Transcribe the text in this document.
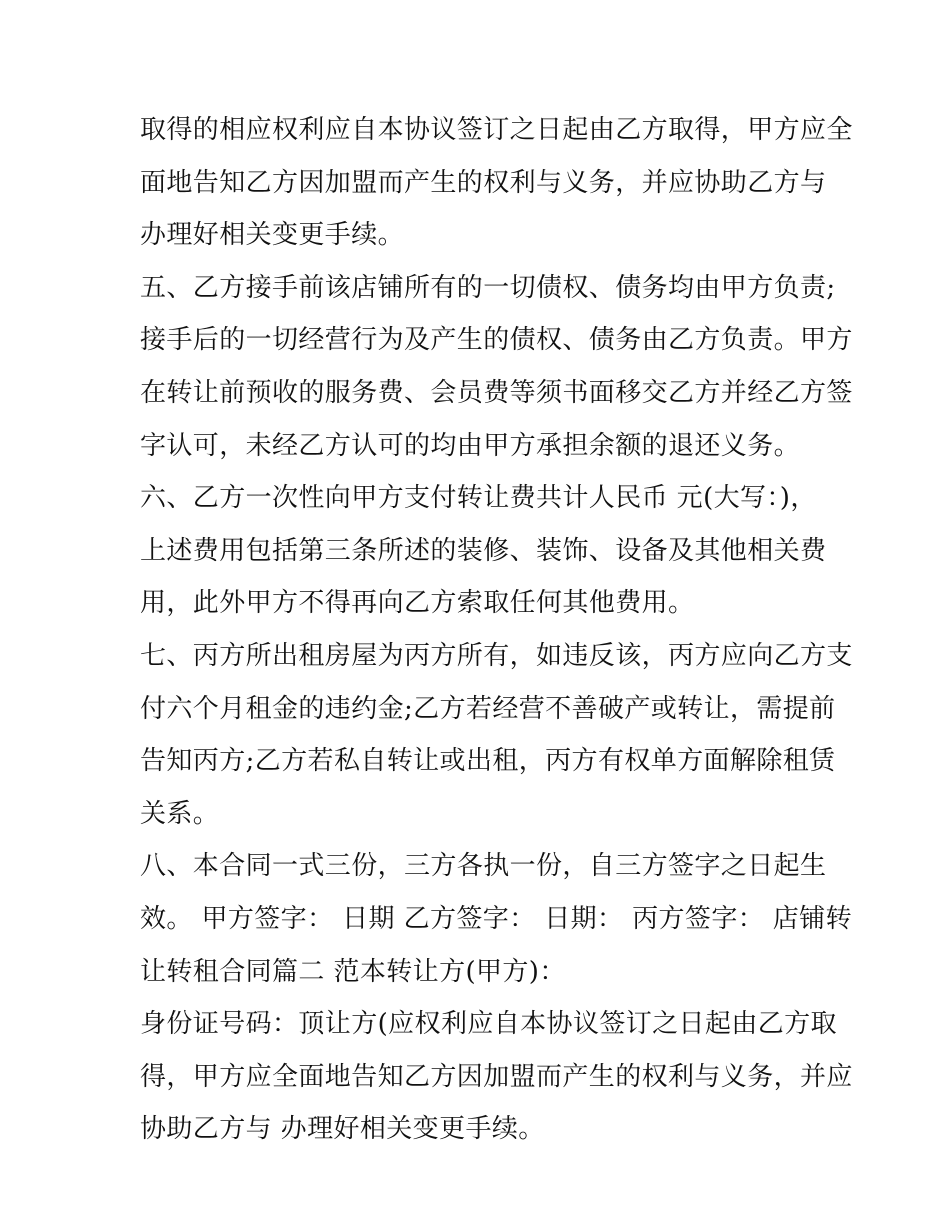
取得的相应权利应自本协议签订之日起由乙方取得，甲方应全
面地告知乙方因加盟而产生的权利与义务，并应协助乙方与
办理好相关变更手续。
五、乙方接手前该店铺所有的一切债权、债务均由甲方负责;
接手后的一切经营行为及产生的债权、债务由乙方负责。甲方
在转让前预收的服务费、会员费等须书面移交乙方并经乙方签
字认可，未经乙方认可的均由甲方承担余额的退还义务。
六、乙方一次性向甲方支付转让费共计人民币 元(大写：)，
上述费用包括第三条所述的装修、装饰、设备及其他相关费
用，此外甲方不得再向乙方索取任何其他费用。
七、丙方所出租房屋为丙方所有，如违反该，丙方应向乙方支
付六个月租金的违约金;乙方若经营不善破产或转让，需提前
告知丙方;乙方若私自转让或出租，丙方有权单方面解除租赁
关系。
八、本合同一式三份，三方各执一份，自三方签字之日起生
效。 甲方签字： 日期 乙方签字： 日期： 丙方签字： 店铺转
让转租合同篇二 范本转让方(甲方)：
身份证号码：顶让方(应权利应自本协议签订之日起由乙方取
得，甲方应全面地告知乙方因加盟而产生的权利与义务，并应
协助乙方与 办理好相关变更手续。
